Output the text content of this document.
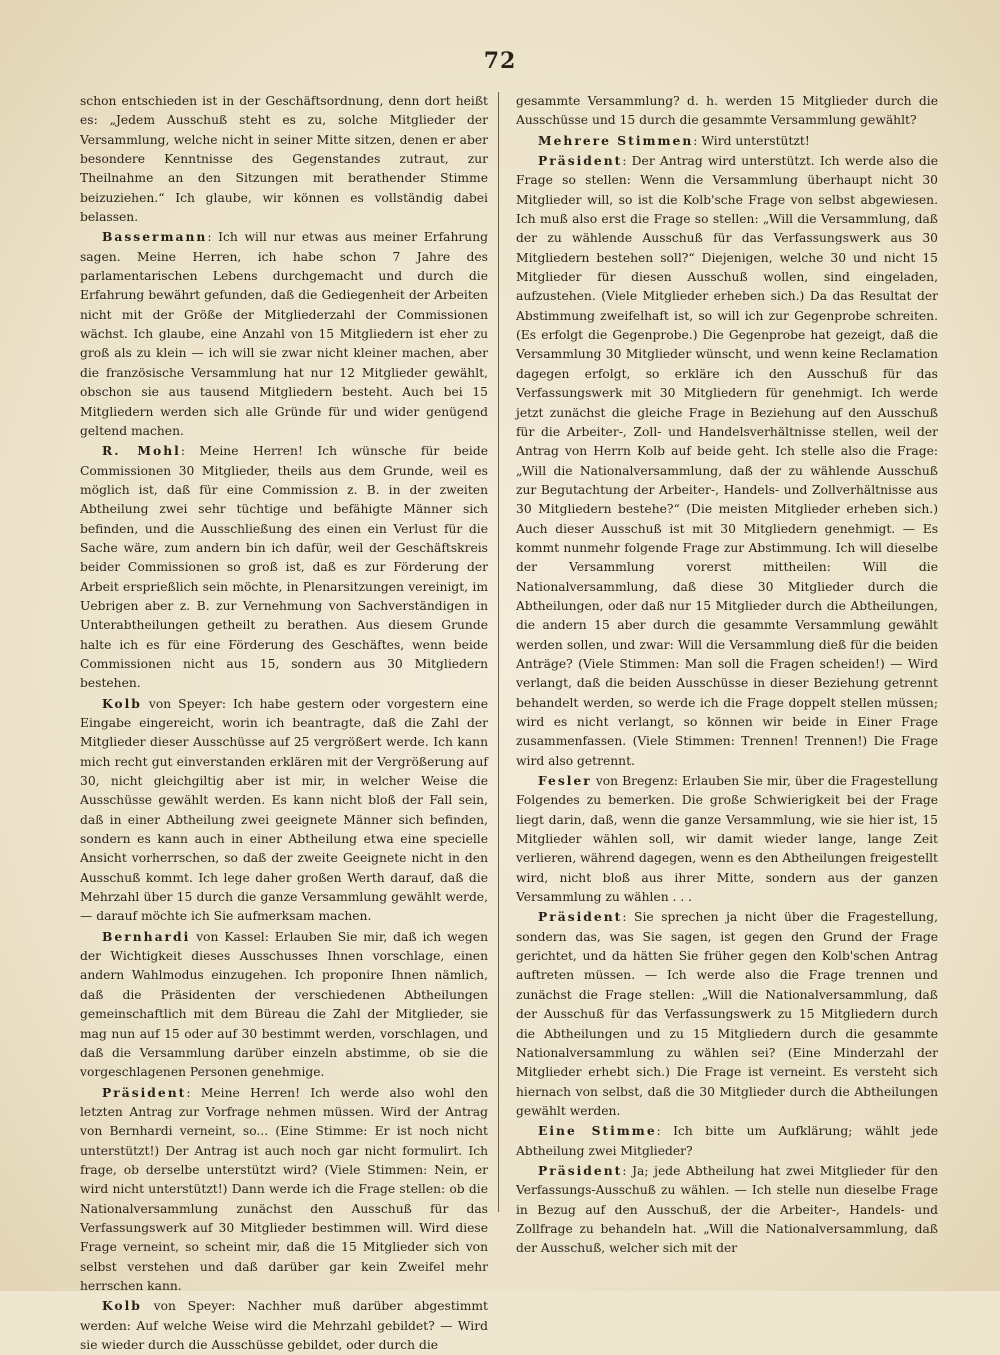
72

schon entschieden ist in der Geschäftsordnung, denn dort heißt es: „Jedem Ausschuß steht es zu, solche Mitglieder der Versammlung, welche nicht in seiner Mitte sitzen, denen er aber besondere Kenntnisse des Gegenstandes zutraut, zur Theilnahme an den Sitzungen mit berathender Stimme beizuziehen.“ Ich glaube, wir können es vollständig dabei belassen.

Bassermann: Ich will nur etwas aus meiner Erfahrung sagen. Meine Herren, ich habe schon 7 Jahre des parlamentarischen Lebens durchgemacht und durch die Erfahrung bewährt gefunden, daß die Gediegenheit der Arbeiten nicht mit der Größe der Mitgliederzahl der Commissionen wächst. Ich glaube, eine Anzahl von 15 Mitgliedern ist eher zu groß als zu klein — ich will sie zwar nicht kleiner machen, aber die französische Versammlung hat nur 12 Mitglieder gewählt, obschon sie aus tausend Mitgliedern besteht. Auch bei 15 Mitgliedern werden sich alle Gründe für und wider genügend geltend machen.

R. Mohl: Meine Herren! Ich wünsche für beide Commissionen 30 Mitglieder, theils aus dem Grunde, weil es möglich ist, daß für eine Commission z. B. in der zweiten Abtheilung zwei sehr tüchtige und befähigte Männer sich befinden, und die Ausschließung des einen ein Verlust für die Sache wäre, zum andern bin ich dafür, weil der Geschäftskreis beider Commissionen so groß ist, daß es zur Förderung der Arbeit ersprießlich sein möchte, in Plenarsitzungen vereinigt, im Uebrigen aber z. B. zur Vernehmung von Sachverständigen in Unterabtheilungen getheilt zu berathen. Aus diesem Grunde halte ich es für eine Förderung des Geschäftes, wenn beide Commissionen nicht aus 15, sondern aus 30 Mitgliedern bestehen.

Kolb von Speyer: Ich habe gestern oder vorgestern eine Eingabe eingereicht, worin ich beantragte, daß die Zahl der Mitglieder dieser Ausschüsse auf 25 vergrößert werde. Ich kann mich recht gut einverstanden erklären mit der Vergrößerung auf 30, nicht gleichgiltig aber ist mir, in welcher Weise die Ausschüsse gewählt werden. Es kann nicht bloß der Fall sein, daß in einer Abtheilung zwei geeignete Männer sich befinden, sondern es kann auch in einer Abtheilung etwa eine specielle Ansicht vorherrschen, so daß der zweite Geeignete nicht in den Ausschuß kommt. Ich lege daher großen Werth darauf, daß die Mehrzahl über 15 durch die ganze Versammlung gewählt werde, — darauf möchte ich Sie aufmerksam machen.

Bernhardi von Kassel: Erlauben Sie mir, daß ich wegen der Wichtigkeit dieses Ausschusses Ihnen vorschlage, einen andern Wahlmodus einzugehen. Ich proponire Ihnen nämlich, daß die Präsidenten der verschiedenen Abtheilungen gemeinschaftlich mit dem Büreau die Zahl der Mitglieder, sie mag nun auf 15 oder auf 30 bestimmt werden, vorschlagen, und daß die Versammlung darüber einzeln abstimme, ob sie die vorgeschlagenen Personen genehmige.

Präsident: Meine Herren! Ich werde also wohl den letzten Antrag zur Vorfrage nehmen müssen. Wird der Antrag von Bernhardi verneint, so... (Eine Stimme: Er ist noch nicht unterstützt!) Der Antrag ist auch noch gar nicht formulirt. Ich frage, ob derselbe unterstützt wird? (Viele Stimmen: Nein, er wird nicht unterstützt!) Dann werde ich die Frage stellen: ob die Nationalversammlung zunächst den Ausschuß für das Verfassungswerk auf 30 Mitglieder bestimmen will. Wird diese Frage verneint, so scheint mir, daß die 15 Mitglieder sich von selbst verstehen und daß darüber gar kein Zweifel mehr herrschen kann.

Kolb von Speyer: Nachher muß darüber abgestimmt werden: Auf welche Weise wird die Mehrzahl gebildet? — Wird sie wieder durch die Ausschüsse gebildet, oder durch die

gesammte Versammlung? d. h. werden 15 Mitglieder durch die Ausschüsse und 15 durch die gesammte Versammlung gewählt?

Mehrere Stimmen: Wird unterstützt!

Präsident: Der Antrag wird unterstützt. Ich werde also die Frage so stellen: Wenn die Versammlung überhaupt nicht 30 Mitglieder will, so ist die Kolb'sche Frage von selbst abgewiesen. Ich muß also erst die Frage so stellen: „Will die Versammlung, daß der zu wählende Ausschuß für das Verfassungswerk aus 30 Mitgliedern bestehen soll?“ Diejenigen, welche 30 und nicht 15 Mitglieder für diesen Ausschuß wollen, sind eingeladen, aufzustehen. (Viele Mitglieder erheben sich.) Da das Resultat der Abstimmung zweifelhaft ist, so will ich zur Gegenprobe schreiten. (Es erfolgt die Gegenprobe.) Die Gegenprobe hat gezeigt, daß die Versammlung 30 Mitglieder wünscht, und wenn keine Reclamation dagegen erfolgt, so erkläre ich den Ausschuß für das Verfassungswerk mit 30 Mitgliedern für genehmigt. Ich werde jetzt zunächst die gleiche Frage in Beziehung auf den Ausschuß für die Arbeiter-, Zoll- und Handelsverhältnisse stellen, weil der Antrag von Herrn Kolb auf beide geht. Ich stelle also die Frage: „Will die Nationalversammlung, daß der zu wählende Ausschuß zur Begutachtung der Arbeiter-, Handels- und Zollverhältnisse aus 30 Mitgliedern bestehe?“ (Die meisten Mitglieder erheben sich.) Auch dieser Ausschuß ist mit 30 Mitgliedern genehmigt. — Es kommt nunmehr folgende Frage zur Abstimmung. Ich will dieselbe der Versammlung vorerst mittheilen: Will die Nationalversammlung, daß diese 30 Mitglieder durch die Abtheilungen, oder daß nur 15 Mitglieder durch die Abtheilungen, die andern 15 aber durch die gesammte Versammlung gewählt werden sollen, und zwar: Will die Versammlung dieß für die beiden Anträge? (Viele Stimmen: Man soll die Fragen scheiden!) — Wird verlangt, daß die beiden Ausschüsse in dieser Beziehung getrennt behandelt werden, so werde ich die Frage doppelt stellen müssen; wird es nicht verlangt, so können wir beide in Einer Frage zusammenfassen. (Viele Stimmen: Trennen! Trennen!) Die Frage wird also getrennt.

Fesler von Bregenz: Erlauben Sie mir, über die Fragestellung Folgendes zu bemerken. Die große Schwierigkeit bei der Frage liegt darin, daß, wenn die ganze Versammlung, wie sie hier ist, 15 Mitglieder wählen soll, wir damit wieder lange, lange Zeit verlieren, während dagegen, wenn es den Abtheilungen freigestellt wird, nicht bloß aus ihrer Mitte, sondern aus der ganzen Versammlung zu wählen . . .

Präsident: Sie sprechen ja nicht über die Fragestellung, sondern das, was Sie sagen, ist gegen den Grund der Frage gerichtet, und da hätten Sie früher gegen den Kolb'schen Antrag auftreten müssen. — Ich werde also die Frage trennen und zunächst die Frage stellen: „Will die Nationalversammlung, daß der Ausschuß für das Verfassungswerk zu 15 Mitgliedern durch die Abtheilungen und zu 15 Mitgliedern durch die gesammte Nationalversammlung zu wählen sei? (Eine Minderzahl der Mitglieder erhebt sich.) Die Frage ist verneint. Es versteht sich hiernach von selbst, daß die 30 Mitglieder durch die Abtheilungen gewählt werden.

Eine Stimme: Ich bitte um Aufklärung; wählt jede Abtheilung zwei Mitglieder?

Präsident: Ja; jede Abtheilung hat zwei Mitglieder für den Verfassungs-Ausschuß zu wählen. — Ich stelle nun dieselbe Frage in Bezug auf den Ausschuß, der die Arbeiter-, Handels- und Zollfrage zu behandeln hat. „Will die Nationalversammlung, daß der Ausschuß, welcher sich mit der
